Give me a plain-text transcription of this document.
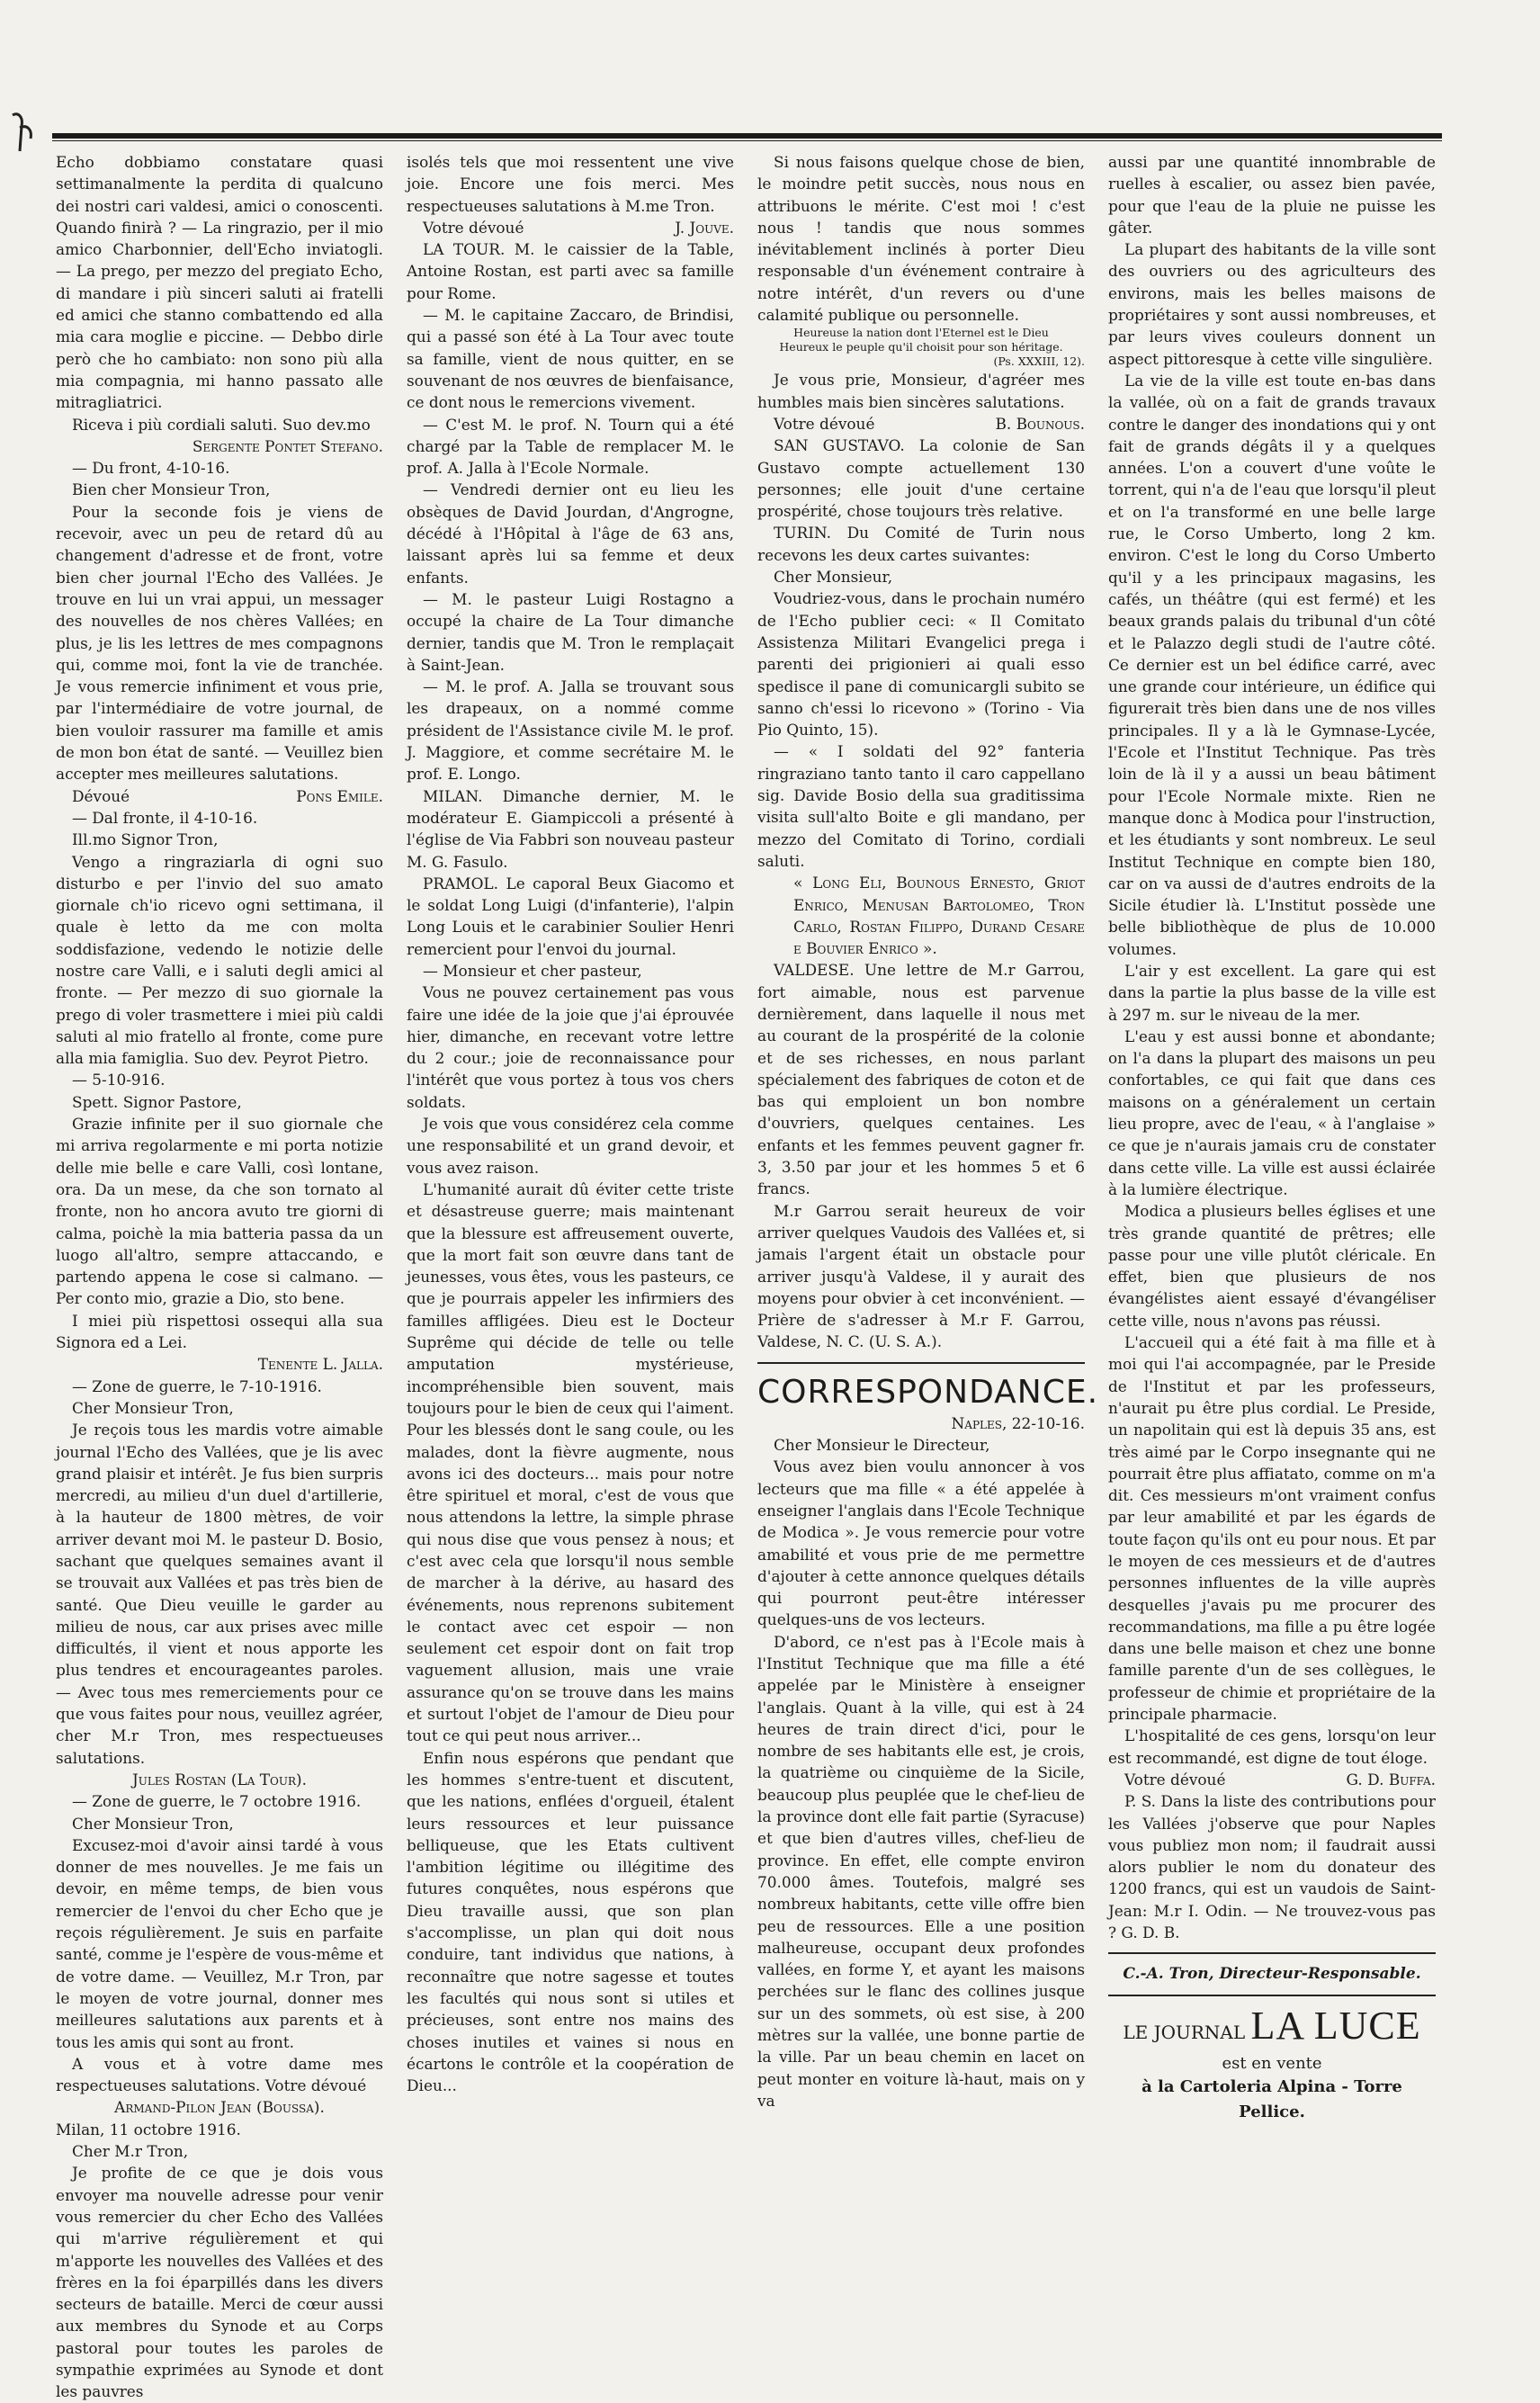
Echo dobbiamo constatare quasi settimanalmente la perdita di qualcuno dei nostri cari valdesi, amici o conoscenti. Quando finirà ? — La ringrazio, per il mio amico Charbonnier, dell'Echo inviatogli. — La prego, per mezzo del pregiato Echo, di mandare i più sinceri saluti ai fratelli ed amici che stanno combattendo ed alla mia cara moglie e piccine. — Debbo dirle però che ho cambiato: non sono più alla mia compagnia, mi hanno passato alle mitragliatrici.

Riceva i più cordiali saluti. Suo dev.mo

Sergente Pontet Stefano.

— Du front, 4-10-16.

Bien cher Monsieur Tron,

Pour la seconde fois je viens de recevoir, avec un peu de retard dû au changement d'adresse et de front, votre bien cher journal l'Echo des Vallées. Je trouve en lui un vrai appui, un messager des nouvelles de nos chères Vallées; en plus, je lis les lettres de mes compagnons qui, comme moi, font la vie de tranchée. Je vous remercie infiniment et vous prie, par l'intermédiaire de votre journal, de bien vouloir rassurer ma famille et amis de mon bon état de santé. — Veuillez bien accepter mes meilleures salutations.

Dévoué	Pons Emile.

— Dal fronte, il 4-10-16.

Ill.mo Signor Tron,

Vengo a ringraziarla di ogni suo disturbo e per l'invio del suo amato giornale ch'io ricevo ogni settimana, il quale è letto da me con molta soddisfazione, vedendo le notizie delle nostre care Valli, e i saluti degli amici al fronte. — Per mezzo di suo giornale la prego di voler trasmettere i miei più caldi saluti al mio fratello al fronte, come pure alla mia famiglia. Suo dev. Peyrot Pietro.

— 5-10-916.

Spett. Signor Pastore,

Grazie infinite per il suo giornale che mi arriva regolarmente e mi porta notizie delle mie belle e care Valli, così lontane, ora. Da un mese, da che son tornato al fronte, non ho ancora avuto tre giorni di calma, poichè la mia batteria passa da un luogo all'altro, sempre attaccando, e partendo appena le cose si calmano. — Per conto mio, grazie a Dio, sto bene.

I miei più rispettosi ossequi alla sua Signora ed a Lei.

Tenente L. Jalla.

— Zone de guerre, le 7-10-1916.

Cher Monsieur Tron,

Je reçois tous les mardis votre aimable journal l'Echo des Vallées, que je lis avec grand plaisir et intérêt. Je fus bien surpris mercredi, au milieu d'un duel d'artillerie, à la hauteur de 1800 mètres, de voir arriver devant moi M. le pasteur D. Bosio, sachant que quelques semaines avant il se trouvait aux Vallées et pas très bien de santé. Que Dieu veuille le garder au milieu de nous, car aux prises avec mille difficultés, il vient et nous apporte les plus tendres et encourageantes paroles. — Avec tous mes remerciements pour ce que vous faites pour nous, veuillez agréer, cher M.r Tron, mes respectueuses salutations.

Jules Rostan (La Tour).

— Zone de guerre, le 7 octobre 1916.

Cher Monsieur Tron,

Excusez-moi d'avoir ainsi tardé à vous donner de mes nouvelles. Je me fais un devoir, en même temps, de bien vous remercier de l'envoi du cher Echo que je reçois régulièrement. Je suis en parfaite santé, comme je l'espère de vous-même et de votre dame. — Veuillez, M.r Tron, par le moyen de votre journal, donner mes meilleures salutations aux parents et à tous les amis qui sont au front.

A vous et à votre dame mes respectueuses salutations. Votre dévoué

Armand-Pilon Jean (Boussa).

Milan, 11 octobre 1916.

Cher M.r Tron,

Je profite de ce que je dois vous envoyer ma nouvelle adresse pour venir vous remercier du cher Echo des Vallées qui m'arrive régulièrement et qui m'apporte les nouvelles des Vallées et des frères en la foi éparpillés dans les divers secteurs de bataille. Merci de cœur aussi aux membres du Synode et au Corps pastoral pour toutes les paroles de sympathie exprimées au Synode et dont les pauvres

isolés tels que moi ressentent une vive joie. Encore une fois merci. Mes respectueuses salutations à M.me Tron.

Votre dévoué	J. Jouve.

LA TOUR. M. le caissier de la Table, Antoine Rostan, est parti avec sa famille pour Rome.

— M. le capitaine Zaccaro, de Brindisi, qui a passé son été à La Tour avec toute sa famille, vient de nous quitter, en se souvenant de nos œuvres de bienfaisance, ce dont nous le remercions vivement.

— C'est M. le prof. N. Tourn qui a été chargé par la Table de remplacer M. le prof. A. Jalla à l'Ecole Normale.

— Vendredi dernier ont eu lieu les obsèques de David Jourdan, d'Angrogne, décédé à l'Hôpital à l'âge de 63 ans, laissant après lui sa femme et deux enfants.

— M. le pasteur Luigi Rostagno a occupé la chaire de La Tour dimanche dernier, tandis que M. Tron le remplaçait à Saint-Jean.

— M. le prof. A. Jalla se trouvant sous les drapeaux, on a nommé comme président de l'Assistance civile M. le prof. J. Maggiore, et comme secrétaire M. le prof. E. Longo.

MILAN. Dimanche dernier, M. le modérateur E. Giampiccoli a présenté à l'église de Via Fabbri son nouveau pasteur M. G. Fasulo.

PRAMOL. Le caporal Beux Giacomo et le soldat Long Luigi (d'infanterie), l'alpin Long Louis et le carabinier Soulier Henri remercient pour l'envoi du journal.

— Monsieur et cher pasteur,

Vous ne pouvez certainement pas vous faire une idée de la joie que j'ai éprouvée hier, dimanche, en recevant votre lettre du 2 cour.; joie de reconnaissance pour l'intérêt que vous portez à tous vos chers soldats.

Je vois que vous considérez cela comme une responsabilité et un grand devoir, et vous avez raison.

L'humanité aurait dû éviter cette triste et désastreuse guerre; mais maintenant que la blessure est affreusement ouverte, que la mort fait son œuvre dans tant de jeunesses, vous êtes, vous les pasteurs, ce que je pourrais appeler les infirmiers des familles affligées. Dieu est le Docteur Suprême qui décide de telle ou telle amputation mystérieuse, incompréhensible bien souvent, mais toujours pour le bien de ceux qui l'aiment. Pour les blessés dont le sang coule, ou les malades, dont la fièvre augmente, nous avons ici des docteurs... mais pour notre être spirituel et moral, c'est de vous que nous attendons la lettre, la simple phrase qui nous dise que vous pensez à nous; et c'est avec cela que lorsqu'il nous semble de marcher à la dérive, au hasard des événements, nous reprenons subitement le contact avec cet espoir — non seulement cet espoir dont on fait trop vaguement allusion, mais une vraie assurance qu'on se trouve dans les mains et surtout l'objet de l'amour de Dieu pour tout ce qui peut nous arriver...

Enfin nous espérons que pendant que les hommes s'entre-tuent et discutent, que les nations, enflées d'orgueil, étalent leurs ressources et leur puissance belliqueuse, que les Etats cultivent l'ambition légitime ou illégitime des futures conquêtes, nous espérons que Dieu travaille aussi, que son plan s'accomplisse, un plan qui doit nous conduire, tant individus que nations, à reconnaître que notre sagesse et toutes les facultés qui nous sont si utiles et précieuses, sont entre nos mains des choses inutiles et vaines si nous en écartons le contrôle et la coopération de Dieu...

Si nous faisons quelque chose de bien, le moindre petit succès, nous nous en attribuons le mérite. C'est moi ! c'est nous ! tandis que nous sommes inévitablement inclinés à porter Dieu responsable d'un événement contraire à notre intérêt, d'un revers ou d'une calamité publique ou personnelle.

Heureuse la nation dont l'Eternel est le Dieu
Heureux le peuple qu'il choisit pour son héritage.
(Ps. XXXIII, 12).

Je vous prie, Monsieur, d'agréer mes humbles mais bien sincères salutations.

Votre dévoué	B. Bounous.

SAN GUSTAVO. La colonie de San Gustavo compte actuellement 130 personnes; elle jouit d'une certaine prospérité, chose toujours très relative.

TURIN. Du Comité de Turin nous recevons les deux cartes suivantes:

Cher Monsieur,

Voudriez-vous, dans le prochain numéro de l'Echo publier ceci: « Il Comitato Assistenza Militari Evangelici prega i parenti dei prigionieri ai quali esso spedisce il pane di comunicargli subito se sanno ch'essi lo ricevono » (Torino - Via Pio Quinto, 15).

— « I soldati del 92° fanteria ringraziano tanto tanto il caro cappellano sig. Davide Bosio della sua graditissima visita sull'alto Boite e gli mandano, per mezzo del Comitato di Torino, cordiali saluti.

« Long Eli, Bounous Ernesto, Griot Enrico, Menusan Bartolomeo, Tron Carlo, Rostan Filippo, Durand Cesare e Bouvier Enrico ».

VALDESE. Une lettre de M.r Garrou, fort aimable, nous est parvenue dernièrement, dans laquelle il nous met au courant de la prospérité de la colonie et de ses richesses, en nous parlant spécialement des fabriques de coton et de bas qui emploient un bon nombre d'ouvriers, quelques centaines. Les enfants et les femmes peuvent gagner fr. 3, 3.50 par jour et les hommes 5 et 6 francs.

M.r Garrou serait heureux de voir arriver quelques Vaudois des Vallées et, si jamais l'argent était un obstacle pour arriver jusqu'à Valdese, il y aurait des moyens pour obvier à cet inconvénient. — Prière de s'adresser à M.r F. Garrou, Valdese, N. C. (U. S. A.).

CORRESPONDANCE.

Naples, 22-10-16.

Cher Monsieur le Directeur,

Vous avez bien voulu annoncer à vos lecteurs que ma fille « a été appelée à enseigner l'anglais dans l'Ecole Technique de Modica ». Je vous remercie pour votre amabilité et vous prie de me permettre d'ajouter à cette annonce quelques détails qui pourront peut-être intéresser quelques-uns de vos lecteurs.

D'abord, ce n'est pas à l'Ecole mais à l'Institut Technique que ma fille a été appelée par le Ministère à enseigner l'anglais. Quant à la ville, qui est à 24 heures de train direct d'ici, pour le nombre de ses habitants elle est, je crois, la quatrième ou cinquième de la Sicile, beaucoup plus peuplée que le chef-lieu de la province dont elle fait partie (Syracuse) et que bien d'autres villes, chef-lieu de province. En effet, elle compte environ 70.000 âmes. Toutefois, malgré ses nombreux habitants, cette ville offre bien peu de ressources. Elle a une position malheureuse, occupant deux profondes vallées, en forme Y, et ayant les maisons perchées sur le flanc des collines jusque sur un des sommets, où est sise, à 200 mètres sur la vallée, une bonne partie de la ville. Par un beau chemin en lacet on peut monter en voiture là-haut, mais on y va

aussi par une quantité innombrable de ruelles à escalier, ou assez bien pavée, pour que l'eau de la pluie ne puisse les gâter.

La plupart des habitants de la ville sont des ouvriers ou des agriculteurs des environs, mais les belles maisons de propriétaires y sont aussi nombreuses, et par leurs vives couleurs donnent un aspect pittoresque à cette ville singulière.

La vie de la ville est toute en-bas dans la vallée, où on a fait de grands travaux contre le danger des inondations qui y ont fait de grands dégâts il y a quelques années. L'on a couvert d'une voûte le torrent, qui n'a de l'eau que lorsqu'il pleut et on l'a transformé en une belle large rue, le Corso Umberto, long 2 km. environ. C'est le long du Corso Umberto qu'il y a les principaux magasins, les cafés, un théâtre (qui est fermé) et les beaux grands palais du tribunal d'un côté et le Palazzo degli studi de l'autre côté. Ce dernier est un bel édifice carré, avec une grande cour intérieure, un édifice qui figurerait très bien dans une de nos villes principales. Il y a là le Gymnase-Lycée, l'Ecole et l'Institut Technique. Pas très loin de là il y a aussi un beau bâtiment pour l'Ecole Normale mixte. Rien ne manque donc à Modica pour l'instruction, et les étudiants y sont nombreux. Le seul Institut Technique en compte bien 180, car on va aussi de d'autres endroits de la Sicile étudier là. L'Institut possède une belle bibliothèque de plus de 10.000 volumes.

L'air y est excellent. La gare qui est dans la partie la plus basse de la ville est à 297 m. sur le niveau de la mer.

L'eau y est aussi bonne et abondante; on l'a dans la plupart des maisons un peu confortables, ce qui fait que dans ces maisons on a généralement un certain lieu propre, avec de l'eau, « à l'anglaise » ce que je n'aurais jamais cru de constater dans cette ville. La ville est aussi éclairée à la lumière électrique.

Modica a plusieurs belles églises et une très grande quantité de prêtres; elle passe pour une ville plutôt cléricale. En effet, bien que plusieurs de nos évangélistes aient essayé d'évangéliser cette ville, nous n'avons pas réussi.

L'accueil qui a été fait à ma fille et à moi qui l'ai accompagnée, par le Preside de l'Institut et par les professeurs, n'aurait pu être plus cordial. Le Preside, un napolitain qui est là depuis 35 ans, est très aimé par le Corpo insegnante qui ne pourrait être plus affiatato, comme on m'a dit. Ces messieurs m'ont vraiment confus par leur amabilité et par les égards de toute façon qu'ils ont eu pour nous. Et par le moyen de ces messieurs et de d'autres personnes influentes de la ville auprès desquelles j'avais pu me procurer des recommandations, ma fille a pu être logée dans une belle maison et chez une bonne famille parente d'un de ses collègues, le professeur de chimie et propriétaire de la principale pharmacie.

L'hospitalité de ces gens, lorsqu'on leur est recommandé, est digne de tout éloge.

Votre dévoué	G. D. Buffa.

P. S. Dans la liste des contributions pour les Vallées j'observe que pour Naples vous publiez mon nom; il faudrait aussi alors publier le nom du donateur des 1200 francs, qui est un vaudois de Saint-Jean: M.r I. Odin. — Ne trouvez-vous pas ? G. D. B.

C.-A. Tron, Directeur-Responsable.
LE JOURNAL LA LUCE
est en vente
à la Cartoleria Alpina - Torre Pellice.
